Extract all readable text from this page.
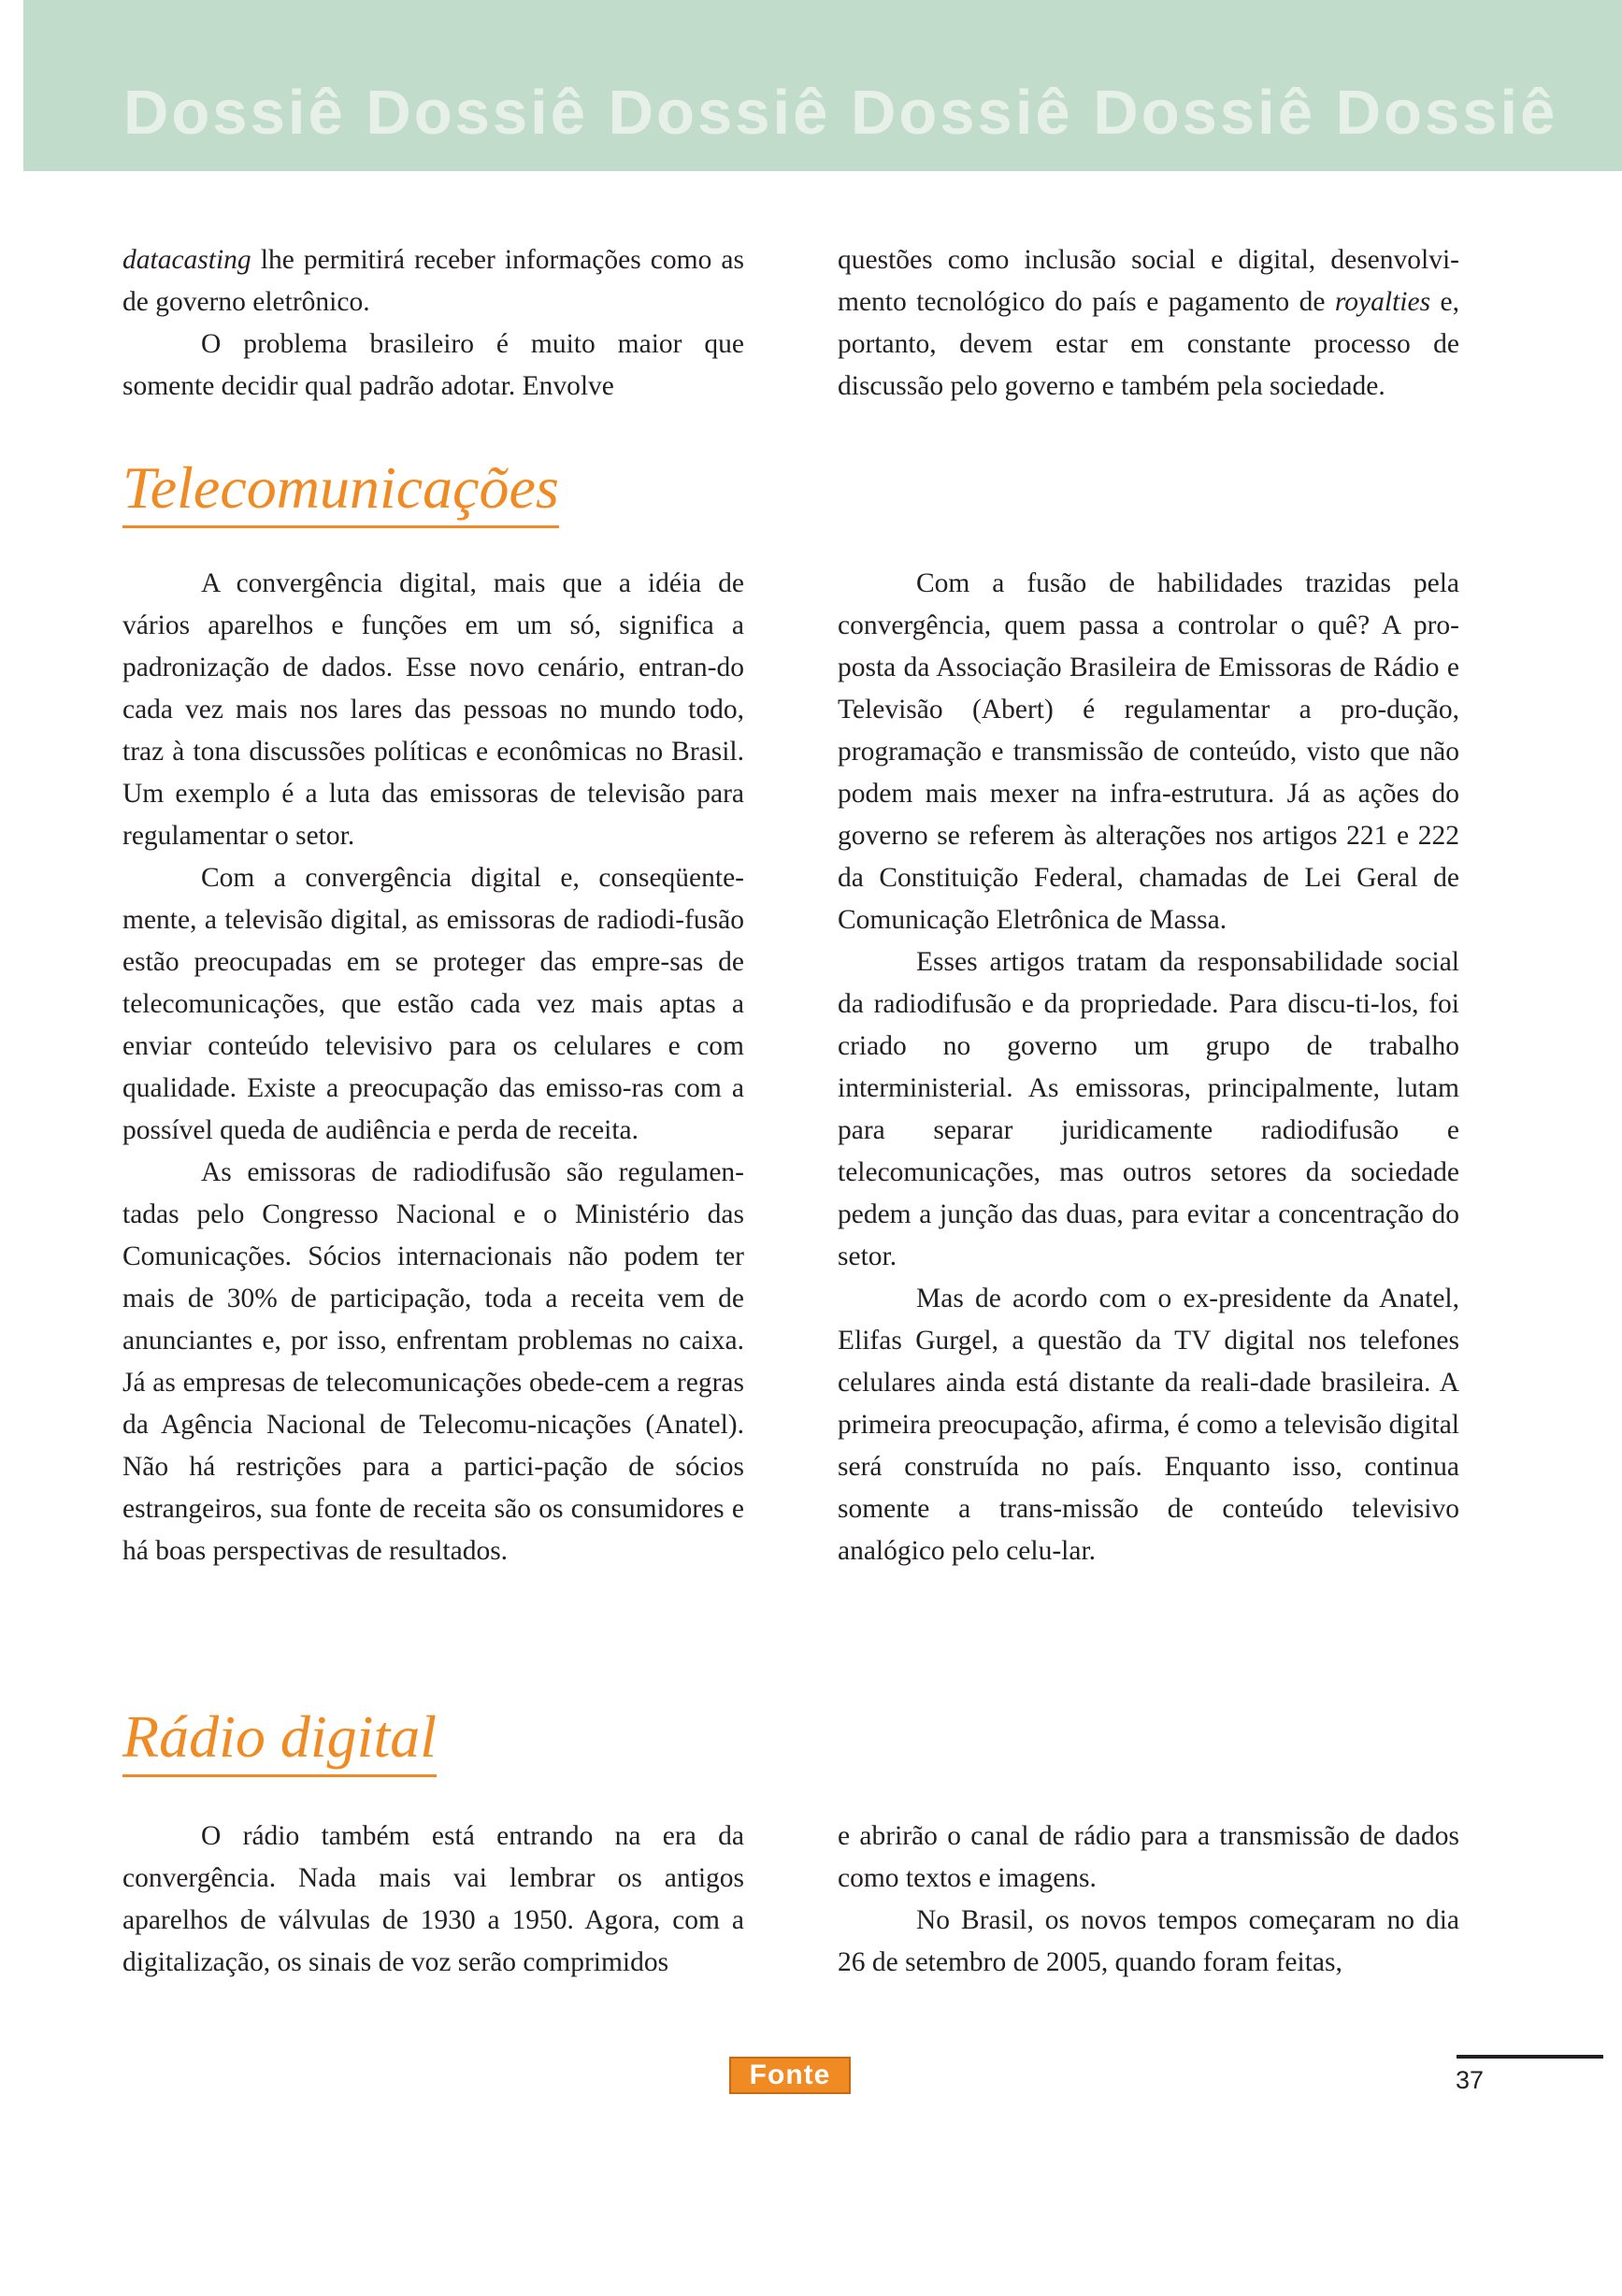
Dossiê Dossiê Dossiê Dossiê Dossiê Dossiê

datacasting lhe permitirá receber informações como as de governo eletrônico.

O problema brasileiro é muito maior que somente decidir qual padrão adotar. Envolve

questões como inclusão social e digital, desenvolvi-mento tecnológico do país e pagamento de royalties e, portanto, devem estar em constante processo de discussão pelo governo e também pela sociedade.

Telecomunicações

A convergência digital, mais que a idéia de vários aparelhos e funções em um só, significa a padronização de dados. Esse novo cenário, entran-do cada vez mais nos lares das pessoas no mundo todo, traz à tona discussões políticas e econômicas no Brasil. Um exemplo é a luta das emissoras de televisão para regulamentar o setor.

Com a convergência digital e, conseqüente-mente, a televisão digital, as emissoras de radiodi-fusão estão preocupadas em se proteger das empre-sas de telecomunicações, que estão cada vez mais aptas a enviar conteúdo televisivo para os celulares e com qualidade. Existe a preocupação das emisso-ras com a possível queda de audiência e perda de receita.

As emissoras de radiodifusão são regulamen-tadas pelo Congresso Nacional e o Ministério das Comunicações. Sócios internacionais não podem ter mais de 30% de participação, toda a receita vem de anunciantes e, por isso, enfrentam problemas no caixa. Já as empresas de telecomunicações obede-cem a regras da Agência Nacional de Telecomu-nicações (Anatel). Não há restrições para a partici-pação de sócios estrangeiros, sua fonte de receita são os consumidores e há boas perspectivas de resultados.

Com a fusão de habilidades trazidas pela convergência, quem passa a controlar o quê? A pro-posta da Associação Brasileira de Emissoras de Rádio e Televisão (Abert) é regulamentar a pro-dução, programação e transmissão de conteúdo, visto que não podem mais mexer na infra-estrutura. Já as ações do governo se referem às alterações nos artigos 221 e 222 da Constituição Federal, chamadas de Lei Geral de Comunicação Eletrônica de Massa.

Esses artigos tratam da responsabilidade social da radiodifusão e da propriedade. Para discu-ti-los, foi criado no governo um grupo de trabalho interministerial. As emissoras, principalmente, lutam para separar juridicamente radiodifusão e telecomunicações, mas outros setores da sociedade pedem a junção das duas, para evitar a concentração do setor.

Mas de acordo com o ex-presidente da Anatel, Elifas Gurgel, a questão da TV digital nos telefones celulares ainda está distante da reali-dade brasileira. A primeira preocupação, afirma, é como a televisão digital será construída no país. Enquanto isso, continua somente a trans-missão de conteúdo televisivo analógico pelo celu-lar.

Rádio digital

O rádio também está entrando na era da convergência. Nada mais vai lembrar os antigos aparelhos de válvulas de 1930 a 1950. Agora, com a digitalização, os sinais de voz serão comprimidos

e abrirão o canal de rádio para a transmissão de dados como textos e imagens.

No Brasil, os novos tempos começaram no dia 26 de setembro de 2005, quando foram feitas,

Fonte	37
